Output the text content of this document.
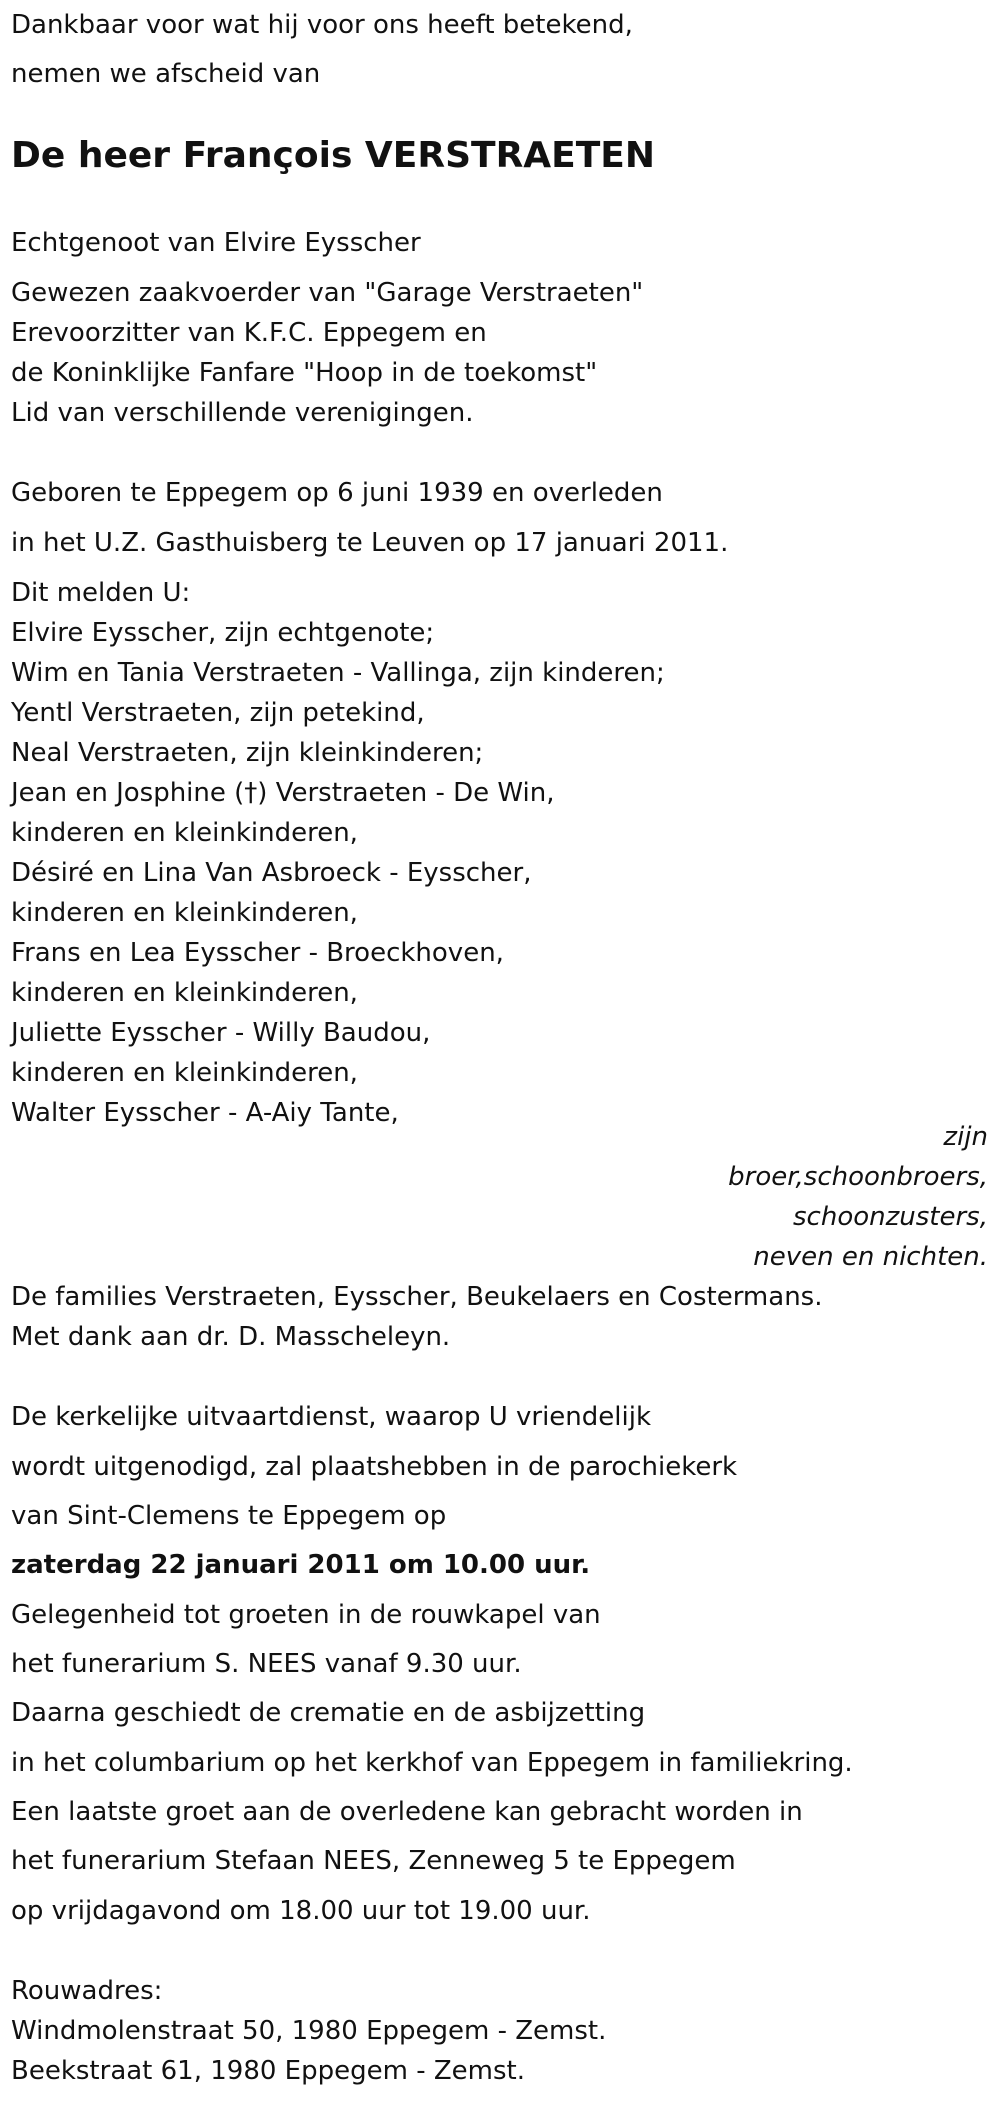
Dankbaar voor wat hij voor ons heeft betekend,
nemen we afscheid van
De heer François VERSTRAETEN
Echtgenoot van Elvire Eysscher
Gewezen zaakvoerder van "Garage Verstraeten"
Erevoorzitter van K.F.C. Eppegem en
de Koninklijke Fanfare "Hoop in de toekomst"
Lid van verschillende verenigingen.
Geboren te Eppegem op 6 juni 1939 en overleden
in het U.Z. Gasthuisberg te Leuven op 17 januari 2011.
Dit melden U:
Elvire Eysscher, zijn echtgenote;
Wim en Tania Verstraeten - Vallinga, zijn kinderen;
Yentl Verstraeten, zijn petekind,
Neal Verstraeten, zijn kleinkinderen;
Jean en Josphine (†) Verstraeten - De Win,
kinderen en kleinkinderen,
Désiré en Lina Van Asbroeck - Eysscher,
kinderen en kleinkinderen,
Frans en Lea Eysscher - Broeckhoven,
kinderen en kleinkinderen,
Juliette Eysscher - Willy Baudou,
kinderen en kleinkinderen,
Walter Eysscher - A-Aiy Tante,
zijn
broer,schoonbroers,
schoonzusters,
neven en nichten.
De families Verstraeten, Eysscher, Beukelaers en Costermans.
Met dank aan dr. D. Masscheleyn.
De kerkelijke uitvaartdienst, waarop U vriendelijk
wordt uitgenodigd, zal plaatshebben in de parochiekerk
van Sint-Clemens te Eppegem op
zaterdag 22 januari 2011 om 10.00 uur.
Gelegenheid tot groeten in de rouwkapel van
het funerarium S. NEES vanaf 9.30 uur.
Daarna geschiedt de crematie en de asbijzetting
in het columbarium op het kerkhof van Eppegem in familiekring.
Een laatste groet aan de overledene kan gebracht worden in
het funerarium Stefaan NEES, Zenneweg 5 te Eppegem
op vrijdagavond om 18.00 uur tot 19.00 uur.
Rouwadres:
Windmolenstraat 50, 1980 Eppegem - Zemst.
Beekstraat 61, 1980 Eppegem - Zemst.
